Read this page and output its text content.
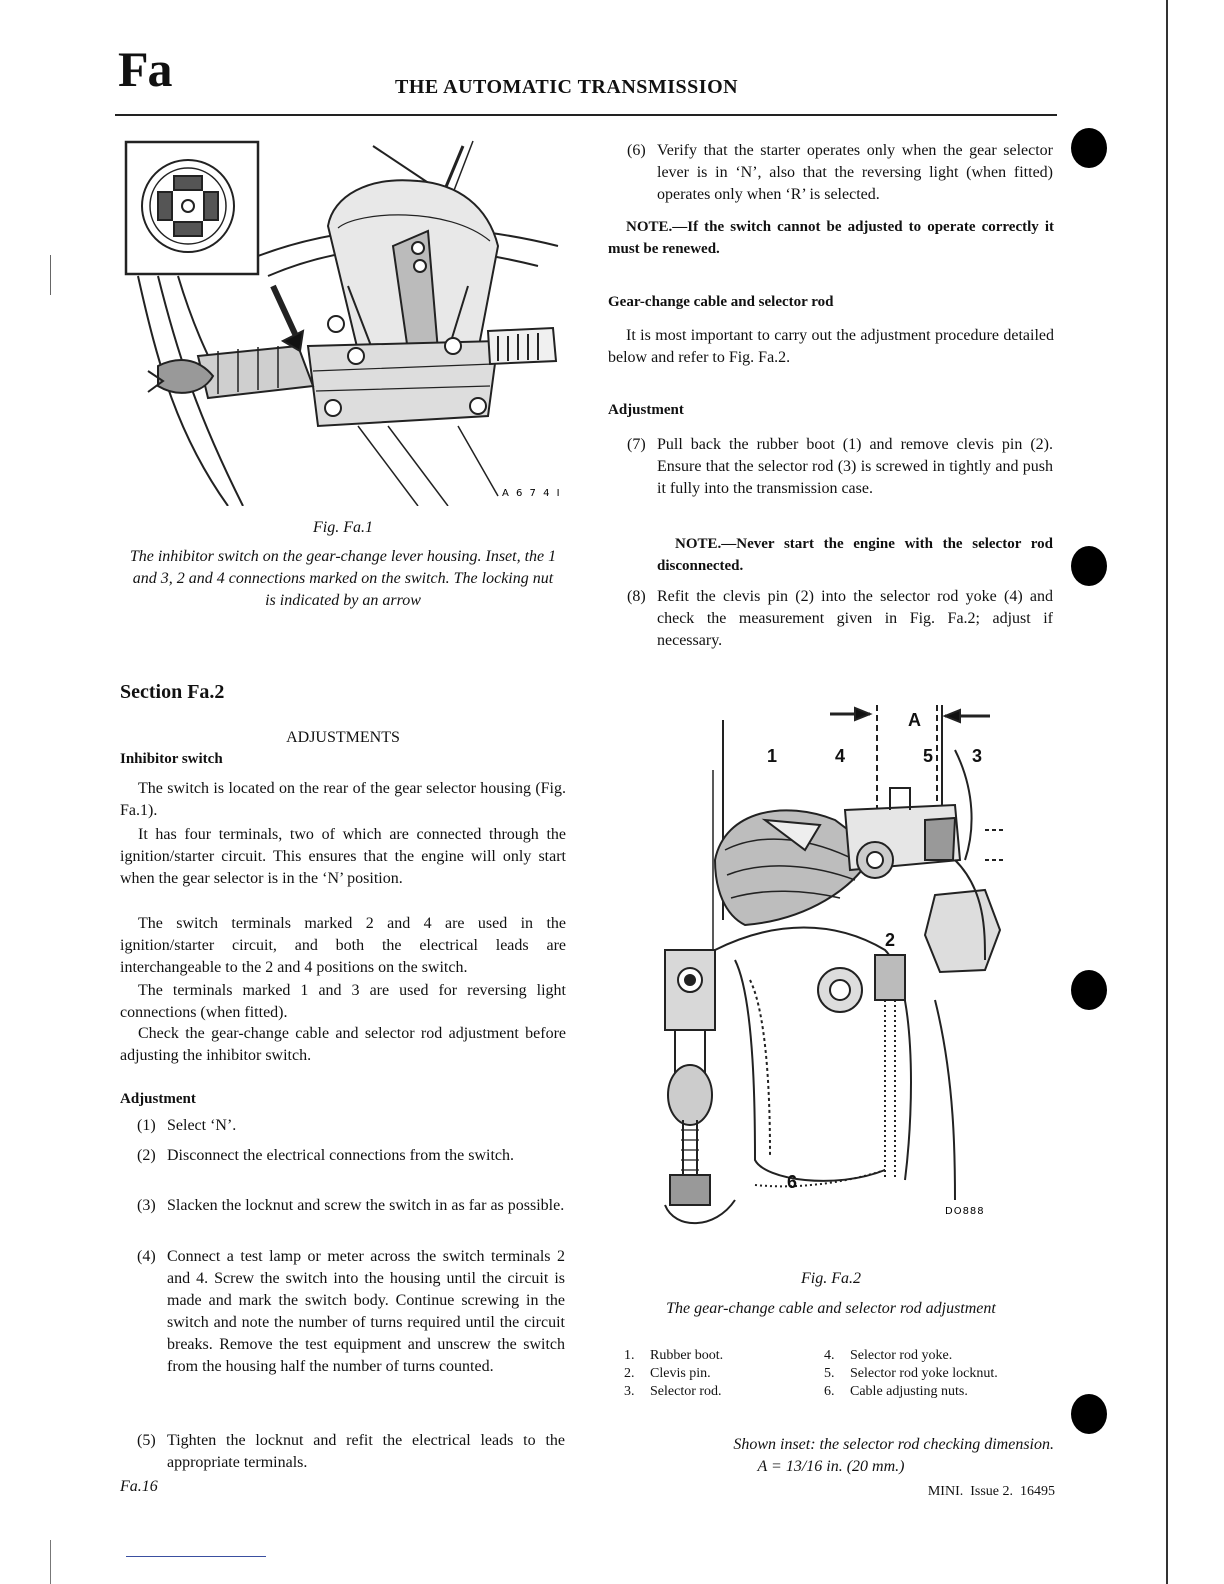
Fa	THE AUTOMATIC TRANSMISSION
A 6 7 4 I
Fig. Fa.1
The inhibitor switch on the gear-change lever housing. Inset, the 1 and 3, 2 and 4 connections marked on the switch. The locking nut is indicated by an arrow
Section Fa.2
ADJUSTMENTS
Inhibitor switch
The switch is located on the rear of the gear selector housing (Fig. Fa.1).
It has four terminals, two of which are connected through the ignition/starter circuit. This ensures that the engine will only start when the gear selector is in the ‘N’ position.
The switch terminals marked 2 and 4 are used in the ignition/starter circuit, and both the electrical leads are interchangeable to the 2 and 4 positions on the switch.
The terminals marked 1 and 3 are used for reversing light connections (when fitted).
Check the gear-change cable and selector rod adjustment before adjusting the inhibitor switch.
Adjustment
(1) Select ‘N’.
(2) Disconnect the electrical connections from the switch.
(3) Slacken the locknut and screw the switch in as far as possible.
(4) Connect a test lamp or meter across the switch terminals 2 and 4. Screw the switch into the housing until the circuit is made and mark the switch body. Continue screwing in the switch and note the number of turns required until the circuit breaks. Remove the test equipment and unscrew the switch from the housing half the number of turns counted.
(5) Tighten the locknut and refit the electrical leads to the appropriate terminals.
Fa.16
(6) Verify that the starter operates only when the gear selector lever is in ‘N’, also that the reversing light (when fitted) operates only when ‘R’ is selected.
NOTE.—If the switch cannot be adjusted to operate correctly it must be renewed.
Gear-change cable and selector rod
It is most important to carry out the adjustment procedure detailed below and refer to Fig. Fa.2.
Adjustment
(7) Pull back the rubber boot (1) and remove clevis pin (2). Ensure that the selector rod (3) is screwed in tightly and push it fully into the transmission case.
NOTE.—Never start the engine with the selector rod disconnected.
(8) Refit the clevis pin (2) into the selector rod yoke (4) and check the measurement given in Fig. Fa.2; adjust if necessary.
A
1	4	5 3
2
6
DO888
Fig. Fa.2
The gear-change cable and selector rod adjustment
1. Rubber boot.
2. Clevis pin.
3. Selector rod.
4. Selector rod yoke.
5. Selector rod yoke locknut.
6. Cable adjusting nuts.
Shown inset: the selector rod checking dimension.
A = 13/16 in. (20 mm.)
MINI.  Issue 2.  16495
